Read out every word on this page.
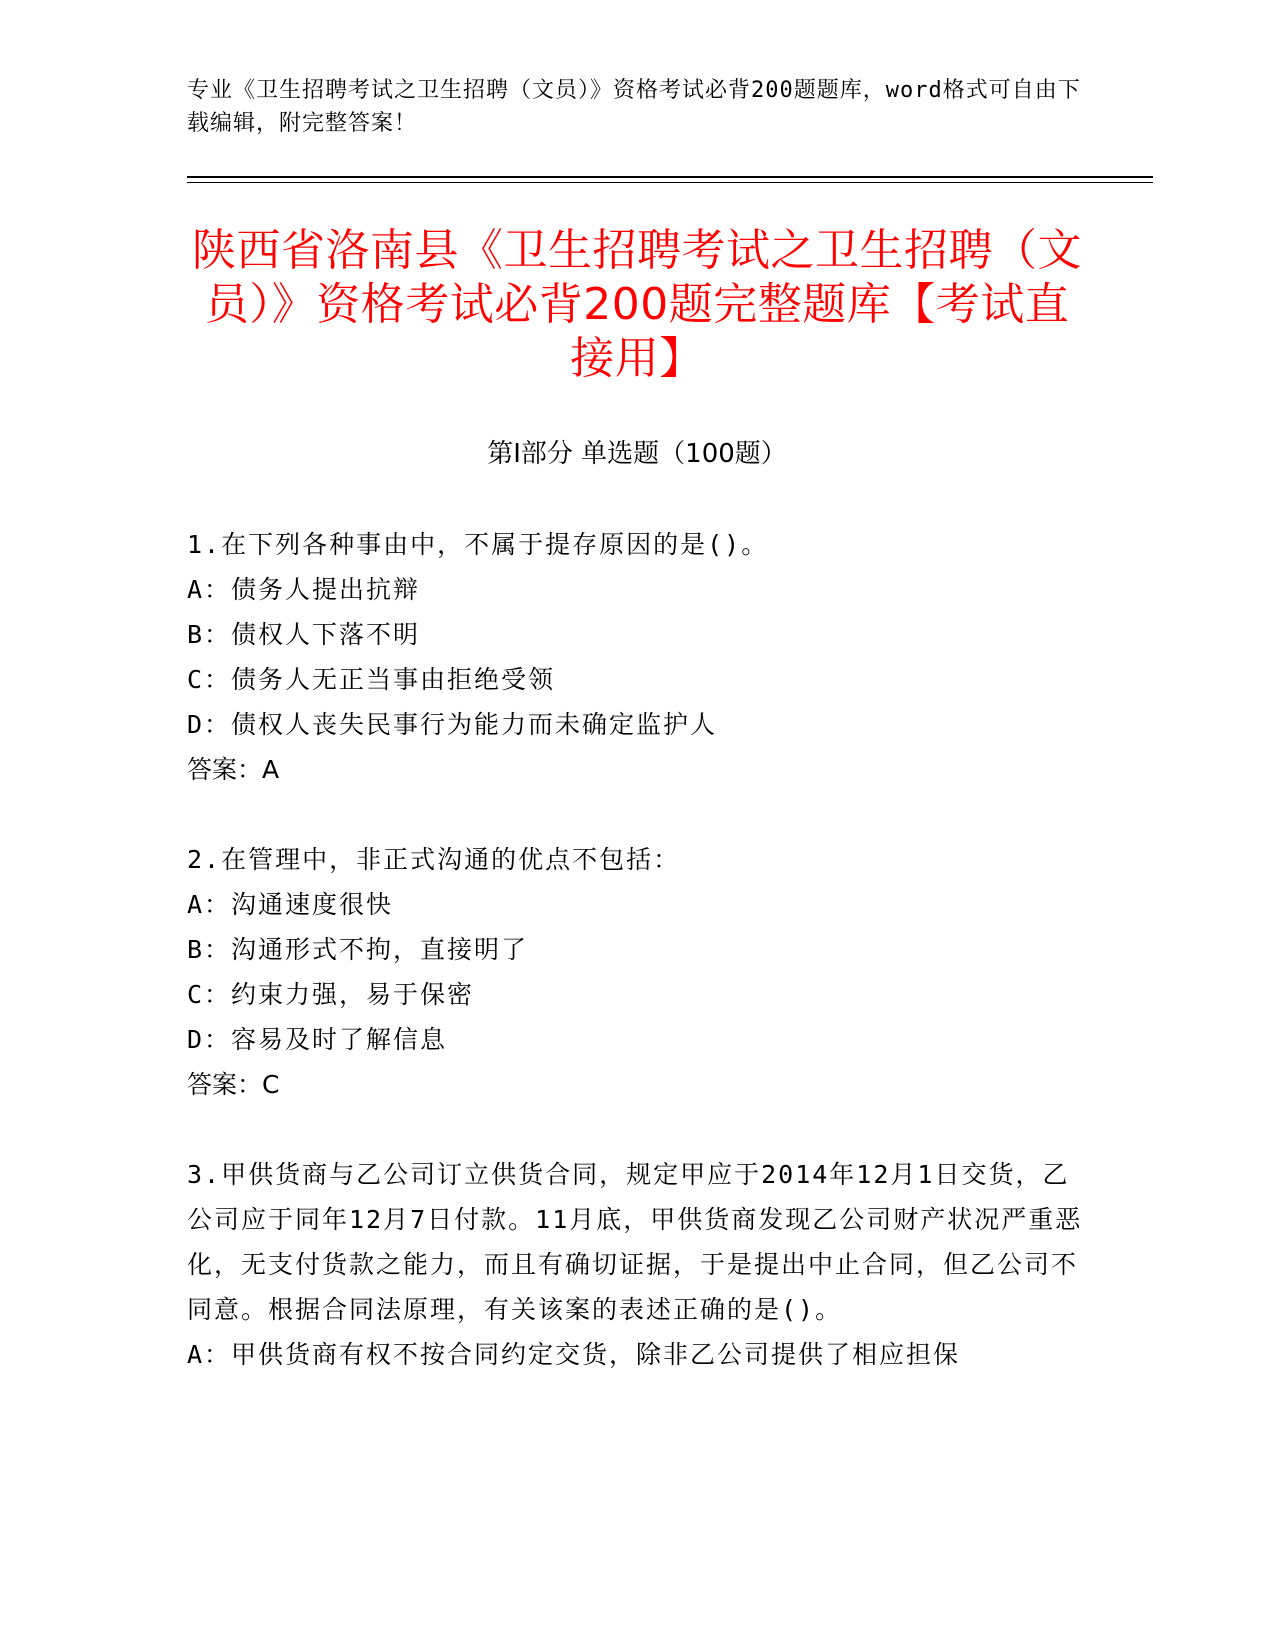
专业《卫生招聘考试之卫生招聘（文员）》资格考试必背200题题库，word格式可自由下载编辑，附完整答案！
陕西省洛南县《卫生招聘考试之卫生招聘（文员）》资格考试必背200题完整题库【考试直接用】
第I部分 单选题（100题）
1.在下列各种事由中，不属于提存原因的是()。
A：债务人提出抗辩
B：债权人下落不明
C：债务人无正当事由拒绝受领
D：债权人丧失民事行为能力而未确定监护人
答案：A
2.在管理中，非正式沟通的优点不包括：
A：沟通速度很快
B：沟通形式不拘，直接明了
C：约束力强，易于保密
D：容易及时了解信息
答案：C
3.甲供货商与乙公司订立供货合同，规定甲应于2014年12月1日交货，乙公司应于同年12月7日付款。11月底，甲供货商发现乙公司财产状况严重恶化，无支付货款之能力，而且有确切证据，于是提出中止合同，但乙公司不同意。根据合同法原理，有关该案的表述正确的是()。
A：甲供货商有权不按合同约定交货，除非乙公司提供了相应担保
